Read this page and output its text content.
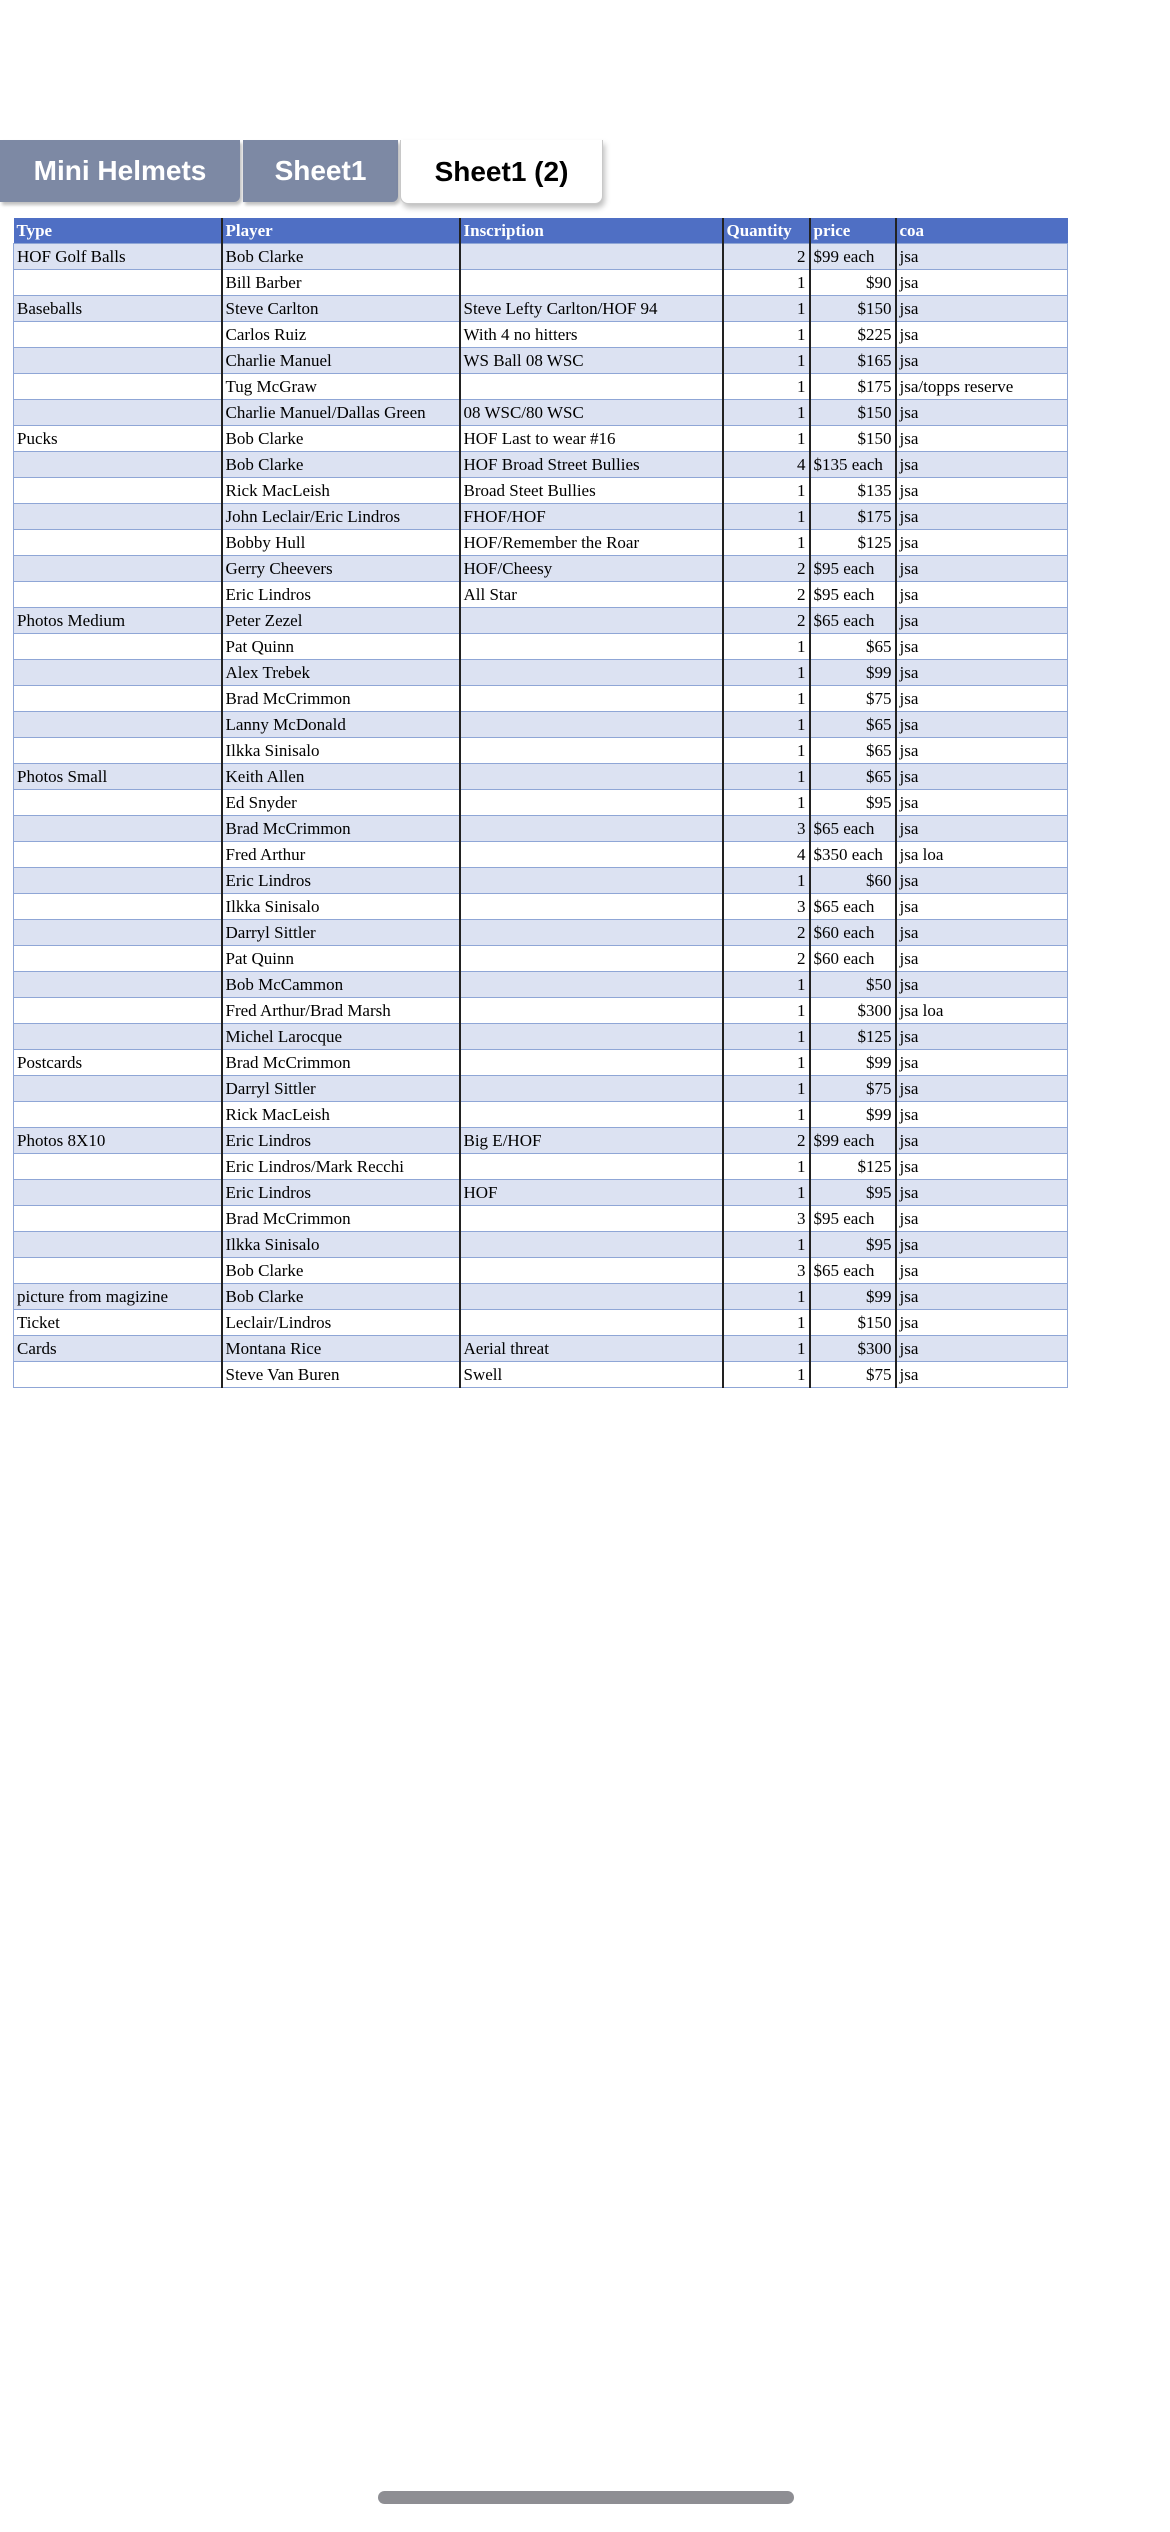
Mini Helmets	Sheet1	Sheet1 (2)
Type	Player	Inscription	Quantity	price	coa
HOF Golf Balls	Bob Clarke		2	$99 each	jsa
	Bill Barber		1	$90	jsa
Baseballs	Steve Carlton	Steve Lefty Carlton/HOF 94	1	$150	jsa
	Carlos Ruiz	With 4 no hitters	1	$225	jsa
	Charlie Manuel	WS Ball 08 WSC	1	$165	jsa
	Tug McGraw		1	$175	jsa/topps reserve
	Charlie Manuel/Dallas Green	08 WSC/80 WSC	1	$150	jsa
Pucks	Bob Clarke	HOF Last to wear #16	1	$150	jsa
	Bob Clarke	HOF Broad Street Bullies	4	$135 each	jsa
	Rick MacLeish	Broad Steet Bullies	1	$135	jsa
	John Leclair/Eric Lindros	FHOF/HOF	1	$175	jsa
	Bobby Hull	HOF/Remember the Roar	1	$125	jsa
	Gerry Cheevers	HOF/Cheesy	2	$95 each	jsa
	Eric Lindros	All Star	2	$95 each	jsa
Photos Medium	Peter Zezel		2	$65 each	jsa
	Pat Quinn		1	$65	jsa
	Alex Trebek		1	$99	jsa
	Brad McCrimmon		1	$75	jsa
	Lanny McDonald		1	$65	jsa
	Ilkka Sinisalo		1	$65	jsa
Photos Small	Keith Allen		1	$65	jsa
	Ed Snyder		1	$95	jsa
	Brad McCrimmon		3	$65 each	jsa
	Fred Arthur		4	$350 each	jsa loa
	Eric Lindros		1	$60	jsa
	Ilkka Sinisalo		3	$65 each	jsa
	Darryl Sittler		2	$60 each	jsa
	Pat Quinn		2	$60 each	jsa
	Bob McCammon		1	$50	jsa
	Fred Arthur/Brad Marsh		1	$300	jsa loa
	Michel Larocque		1	$125	jsa
Postcards	Brad McCrimmon		1	$99	jsa
	Darryl Sittler		1	$75	jsa
	Rick MacLeish		1	$99	jsa
Photos 8X10	Eric Lindros	Big E/HOF	2	$99 each	jsa
	Eric Lindros/Mark Recchi		1	$125	jsa
	Eric Lindros	HOF	1	$95	jsa
	Brad McCrimmon		3	$95 each	jsa
	Ilkka Sinisalo		1	$95	jsa
	Bob Clarke		3	$65 each	jsa
picture from magizine	Bob Clarke		1	$99	jsa
Ticket	Leclair/Lindros		1	$150	jsa
Cards	Montana Rice	Aerial threat	1	$300	jsa
	Steve Van Buren	Swell	1	$75	jsa
